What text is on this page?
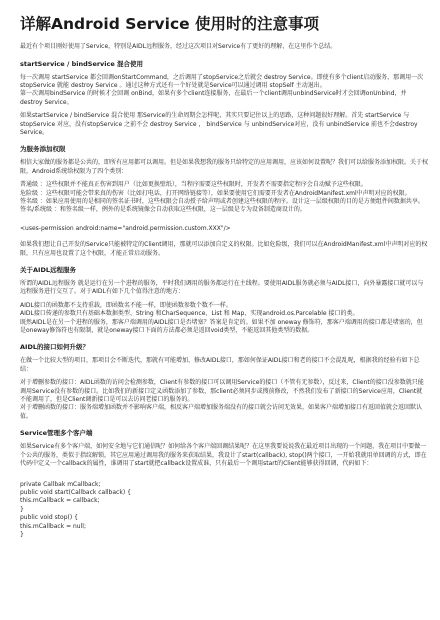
详解Android Service 使用时的注意事项

最近有个项目刚好使用了Service，特别是AIDL远程服务，经过这次项目对Service有了更好的理解，在这里作个总结。

startService / bindService 混合使用

每一次调用 startService 都会回调onStartCommand，之后调用了stopService之后就会 destroy Service。即使有多个client启动服务，那调用一次stopService 就能 destroy Service 。通过这种方式还有一个好处就是Service可以通过调用 stopSelf 主动退出。

第一次调用bindService 的时候才会回调 onBind，如果有多个client连接服务，在最后一个client调用unbindService时才会回调onUnbind，并destroy Service。

如果startService / bindService 混合使用 那Service的生命周期会怎样呢，其实只要记住以上的思路，这种问题很好理解。首先 startService 与 stopService 对应，没有stopService 之前不会 destroy Service ， bindService 与 unbindService对应，没有 unbindService 前也不会destroy Service。

为服务添加权限

相信大家做的服务都是公共的，即所有应用都可以调用。但是如果我想我的服务只给特定的应用调用，应该如何设置呢？我们可以给服务添加权限。关于权限，Android系统给权限为了四个类别：

普通级 ：这些权限并不能真正伤害到用户（比如更换壁纸），当程序需要这些权限时，开发者不需要指定程序会自动赋予这些权限。

危险级 ：这些权限可能会带来真的伤害（比如打电话，打开网络链接等），如果要使用它们需要开发者在AndroidManifest.xml中声明对应的权限。

签名级 ：如果应用使用的是相同的签名证书时，这些权限会自动授予给声明或者创建这些权限的程序。设计这一层级权限的目的是方便组件间数据共享。

签名/系统级 ：和签名级一样，例外的是系统镜像会自动获取这些权限，这一层级是专为设备制造商设计的。

<uses-permission android:name="android.permission.custom.XXX"/>

如果我们想让自己开发的Service只能被特定的Client调用，那就可以添加自定义的权限。比如危险级，我们可以在AndroidManifest.xml中声明对应的权限，只有应用也设置了这个权限，才能正常启动服务。

关于AIDL远程服务

所谓的AIDL远程服务 就是运行在另一个进程的服务，平时我们调用的服务都运行在主线程。要使用AIDL服务就必须与AIDL接口，向外暴露接口就可以与远程服务进行交互了。对于AIDL有如下几个值得注意的地方：

AIDL接口的函数都不支持重载，即函数名不能一样，即使函数参数个数不一样。

AIDL接口传递的参数只有基础本数据类型、String 和CharSequence、List 和 Map、实现android.os.Parcelable 接口的类。

既然AIDL是在另一个进程的服务，那客户端调用的AIDL接口是否堵塞？答案是肯定的。如果不加 oneway 修饰符，那客户端调用的接口都是堵塞的，但是oneway修饰符也有限制，就是oneway接口下面的方法都必须是返回void类型，不能返回其他类型的数据。

AIDL的接口如何升级？

在做一个比较大型的项目，那项目会不断迭代，那就有可能增加、修改AIDL接口，那如何保证AIDL接口和老的接口不会混乱呢，根据我的经验有如下总结：

对于增删参数的接口：AIDL函数的访问会检测参数，Client有参数的接口可以调用Service的接口（不管有无参数），反过来，Client的接口没参数就只能调用Service没有参数的接口。比如我们的新接口定义函数添加了参数，那client必须同步或搜前修改，不然我们发布了新接口的Service应用，Client就不能调用了，但是Client调新接口是可以去访问老接口的服务的。

对于增删函数的接口：服务端增加函数并不影响客户端，相反客户端增加服务端没有的接口就会访问无效果，如果客户端增加接口有返回值就会返回默认值。

Service管理多个客户端

如果Service有多个客户端，如何安全地与它们通信呢？如何给各个客户端回调结果呢？在这里我要说说我在最近项目出现的一个问题，我在项目中要做一个公共的服务，类似于指纹解锁，其它应用通过调用我的服务来获取结果，我设计了start(callback), stop()两个接口，一开始我就用单回调的方式，即在代码中定义一个callback的属性，谁调用了start就把callback设置成谁，只有最后一个调用start的Client能够获得回调，代码如下：

private Callbak mCallback;
public void start(Callback callback) {
this.mCallback = callback;
}
public void stop() {
this.mCallback = null;
}
